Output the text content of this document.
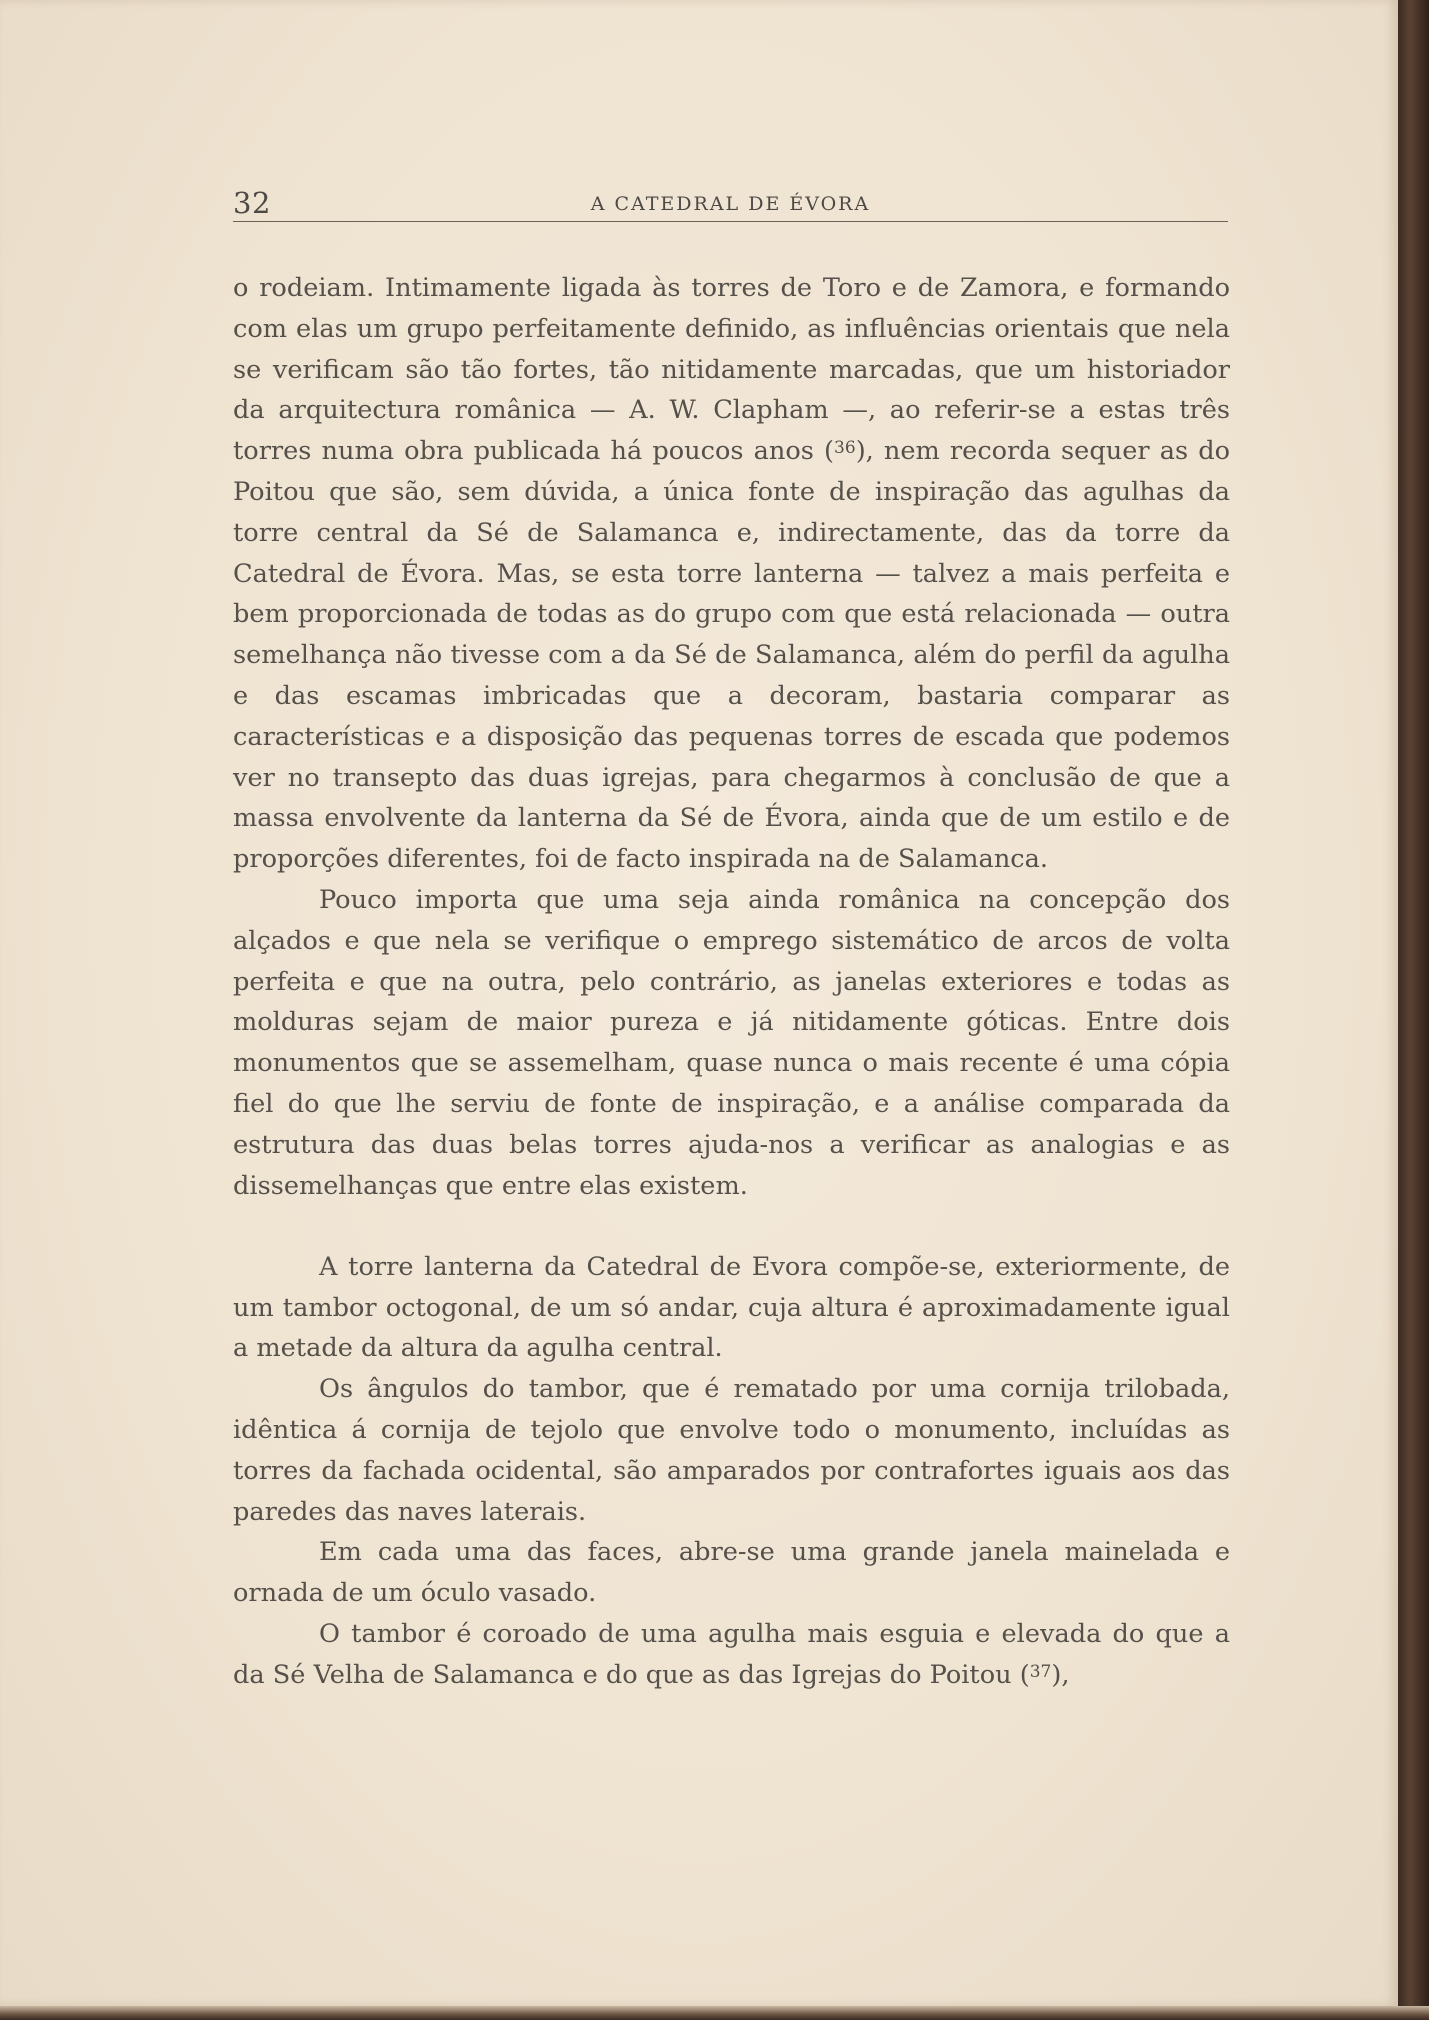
32	A CATEDRAL DE ÉVORA

o rodeiam. Intimamente ligada às torres de Toro e de Zamora, e formando com elas um grupo perfeitamente definido, as influências orientais que nela se verificam são tão fortes, tão nitidamente marcadas, que um historiador da arquitectura românica — A. W. Clapham —, ao referir-se a estas três torres numa obra publicada há poucos anos ($^{36}$), nem recorda sequer as do Poitou que são, sem dúvida, a única fonte de inspiração das agulhas da torre central da Sé de Salamanca e, indirectamente, das da torre da Catedral de Évora. Mas, se esta torre lanterna — talvez a mais perfeita e bem proporcionada de todas as do grupo com que está relacionada — outra semelhança não tivesse com a da Sé de Salamanca, além do perfil da agulha e das escamas imbricadas que a decoram, bastaria comparar as características e a disposição das pequenas torres de escada que podemos ver no transepto das duas igrejas, para chegarmos à conclusão de que a massa envolvente da lanterna da Sé de Évora, ainda que de um estilo e de proporções diferentes, foi de facto inspirada na de Salamanca.

Pouco importa que uma seja ainda românica na concepção dos alçados e que nela se verifique o emprego sistemático de arcos de volta perfeita e que na outra, pelo contrário, as janelas exteriores e todas as molduras sejam de maior pureza e já nitidamente góticas. Entre dois monumentos que se assemelham, quase nunca o mais recente é uma cópia fiel do que lhe serviu de fonte de inspiração, e a análise comparada da estrutura das duas belas torres ajuda-nos a verificar as analogias e as dissemelhanças que entre elas existem.

A torre lanterna da Catedral de Evora compõe-se, exteriormente, de um tambor octogonal, de um só andar, cuja altura é aproximadamente igual a metade da altura da agulha central.

Os ângulos do tambor, que é rematado por uma cornija trilobada, idêntica á cornija de tejolo que envolve todo o monumento, incluídas as torres da fachada ocidental, são amparados por contrafortes iguais aos das paredes das naves laterais.

Em cada uma das faces, abre-se uma grande janela mainelada e ornada de um óculo vasado.

O tambor é coroado de uma agulha mais esguia e elevada do que a da Sé Velha de Salamanca e do que as das Igrejas do Poitou ($^{37}$),
